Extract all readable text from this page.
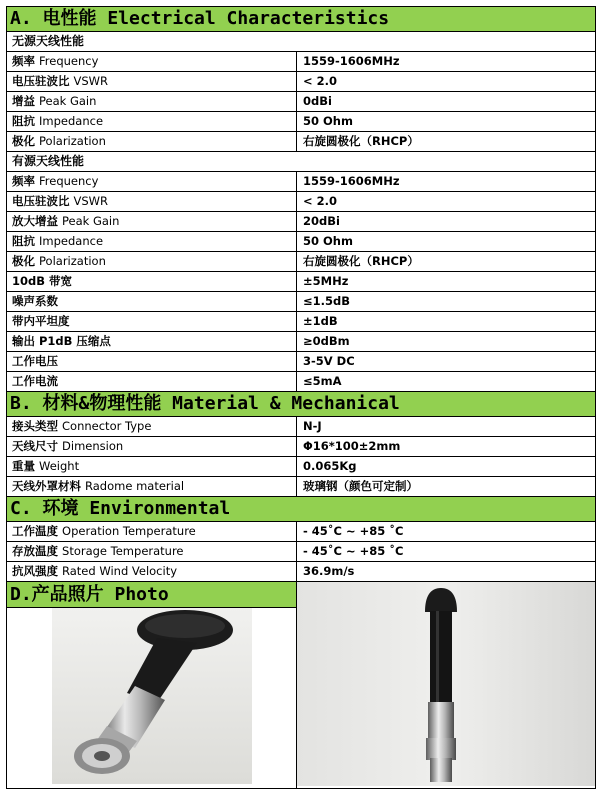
A. 电性能 Electrical Characteristics	
无源天线性能	
频率 Frequency	1559-1606MHz
电压驻波比 VSWR	< 2.0
增益 Peak Gain	0dBi
阻抗 Impedance	50 Ohm
极化 Polarization	右旋圆极化（RHCP）
有源天线性能	
频率 Frequency	1559-1606MHz
电压驻波比 VSWR	< 2.0
放大增益 Peak Gain	20dBi
阻抗 Impedance	50 Ohm
极化 Polarization	右旋圆极化（RHCP）
10dB 带宽	±5MHz
噪声系数	≤1.5dB
带内平坦度	±1dB
输出 P1dB 压缩点	≥0dBm
工作电压	3-5V DC
工作电流	≤5mA
B. 材料&物理性能 Material & Mechanical	
接头类型 Connector Type	N-J
天线尺寸 Dimension	Φ16*100±2mm
重量 Weight	0.065Kg
天线外罩材料 Radome material	玻璃钢（颜色可定制）
C. 环境 Environmental	
工作温度 Operation Temperature	- 45˚C ~ +85 ˚C
存放温度 Storage Temperature	- 45˚C ~ +85 ˚C
抗风强度 Rated Wind Velocity	36.9m/s

D.产品照片 Photo
